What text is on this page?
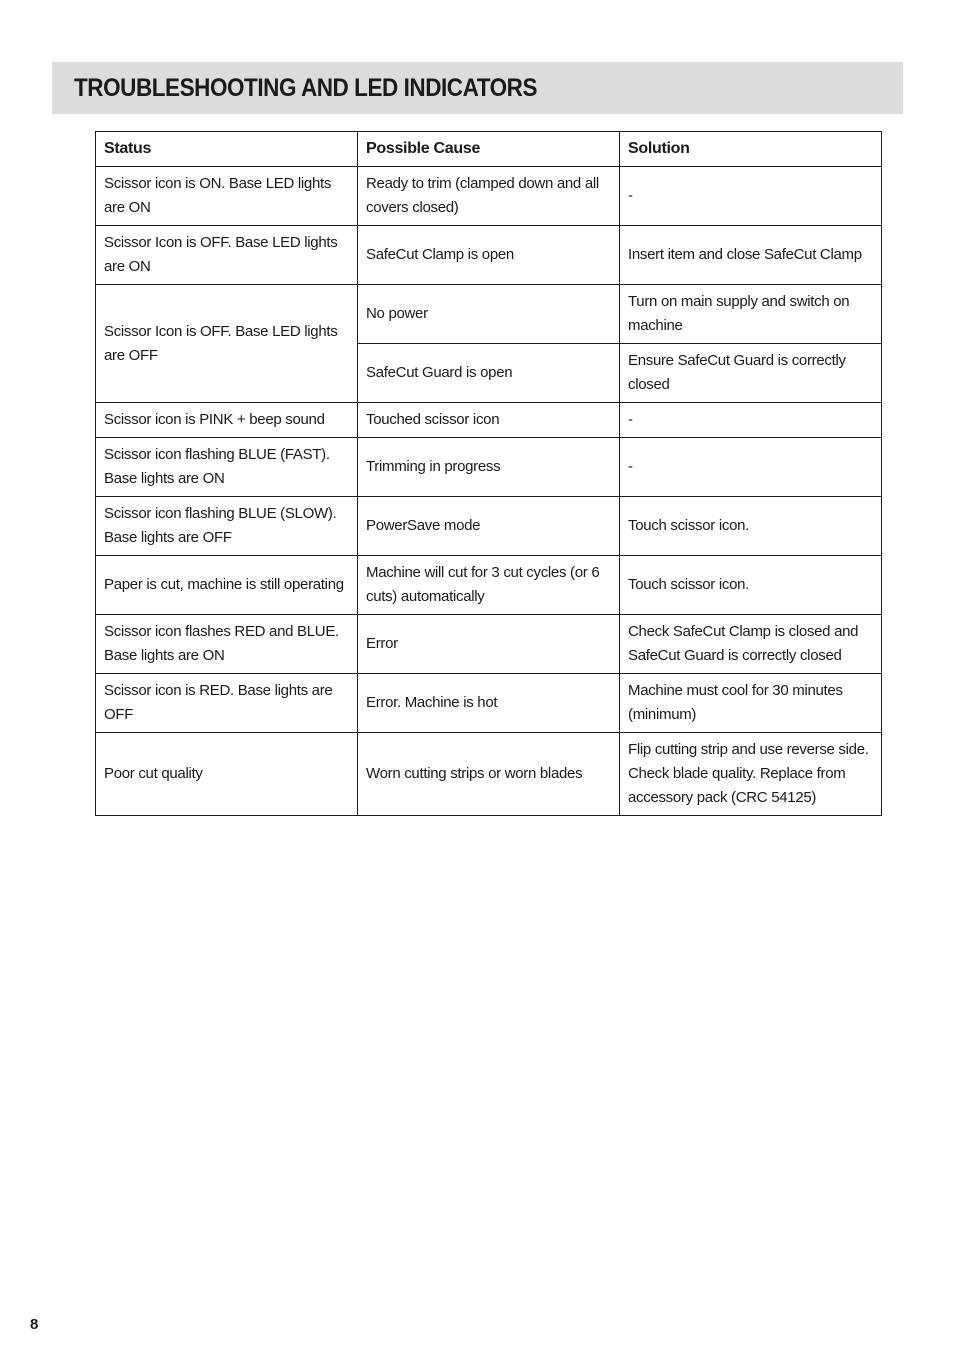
TROUBLESHOOTING AND LED INDICATORS
Status	Possible Cause	Solution
Scissor icon is ON. Base LED lights are ON	Ready to trim (clamped down and all covers closed)	-
Scissor Icon is OFF. Base LED lights are ON	SafeCut Clamp is open	Insert item and close SafeCut Clamp
Scissor Icon is OFF. Base LED lights are OFF	No power	Turn on main supply and switch on machine
	SafeCut Guard is open	Ensure SafeCut Guard is correctly closed
Scissor icon is PINK + beep sound	Touched scissor icon	-
Scissor icon flashing BLUE (FAST). Base lights are ON	Trimming in progress	-
Scissor icon flashing BLUE (SLOW). Base lights are OFF	PowerSave mode	Touch scissor icon.
Paper is cut, machine is still operating	Machine will cut for 3 cut cycles (or 6 cuts) automatically	Touch scissor icon.
Scissor icon flashes RED and BLUE. Base lights are ON	Error	Check SafeCut Clamp is closed and SafeCut Guard is correctly closed
Scissor icon is RED. Base lights are OFF	Error. Machine is hot	Machine must cool for 30 minutes (minimum)
Poor cut quality	Worn cutting strips or worn blades	Flip cutting strip and use reverse side. Check blade quality. Replace from accessory pack (CRC 54125)
8
